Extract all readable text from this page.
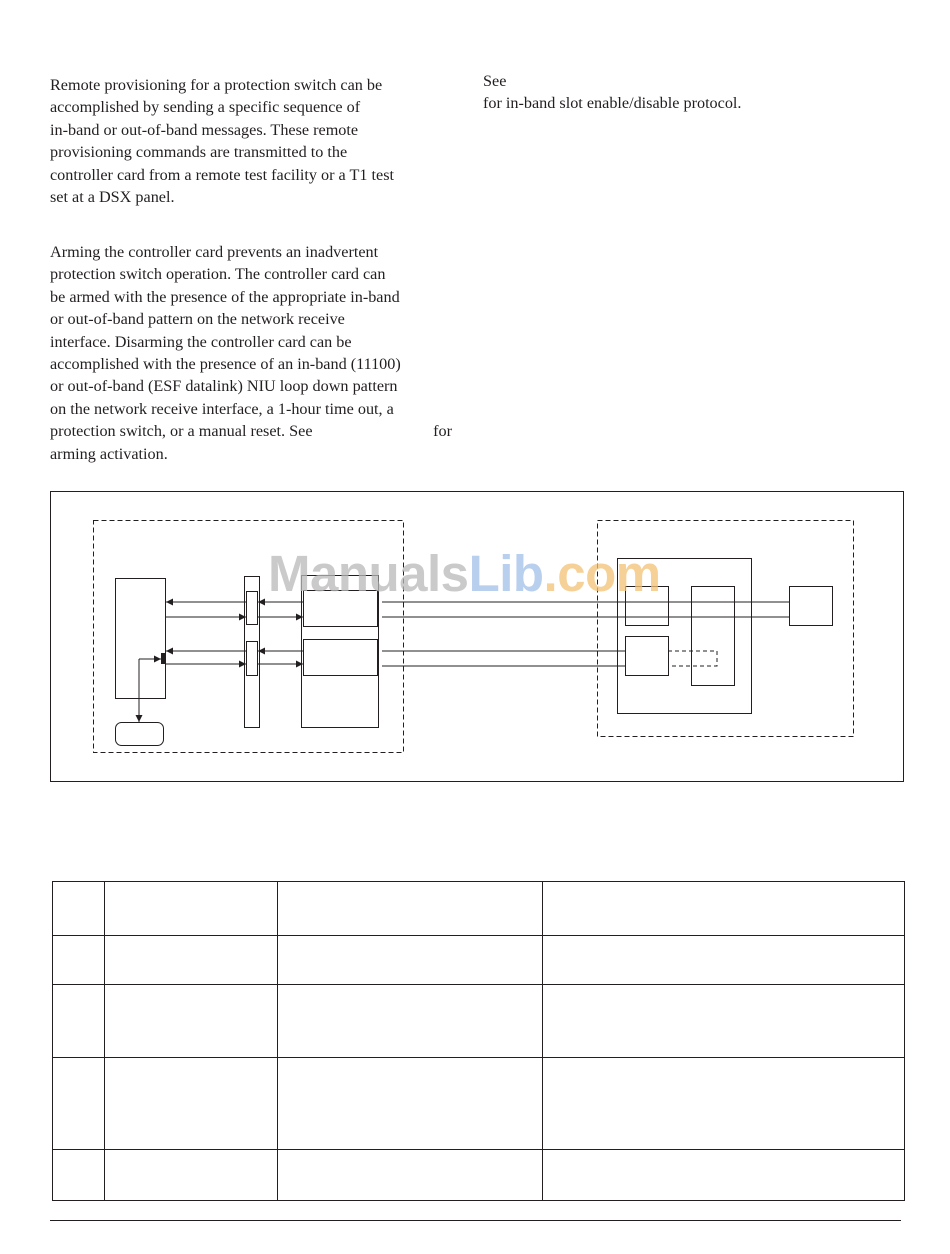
Remote provisioning for a protection switch can be
accomplished by sending a specific sequence of
in-band or out-of-band messages. These remote
provisioning commands are transmitted to the
controller card from a remote test facility or a T1 test
set at a DSX panel.
Arming the controller card prevents an inadvertent
protection switch operation. The controller card can
be armed with the presence of the appropriate in-band
or out-of-band pattern on the network receive
interface. Disarming the controller card can be
accomplished with the presence of an in-band (11100)
or out-of-band (ESF datalink) NIU loop down pattern
on the network receive interface, a 1-hour time out, a
protection switch, or a manual reset. See	for
arming activation.
See
for in-band slot enable/disable protocol.

ManualsLib.com
